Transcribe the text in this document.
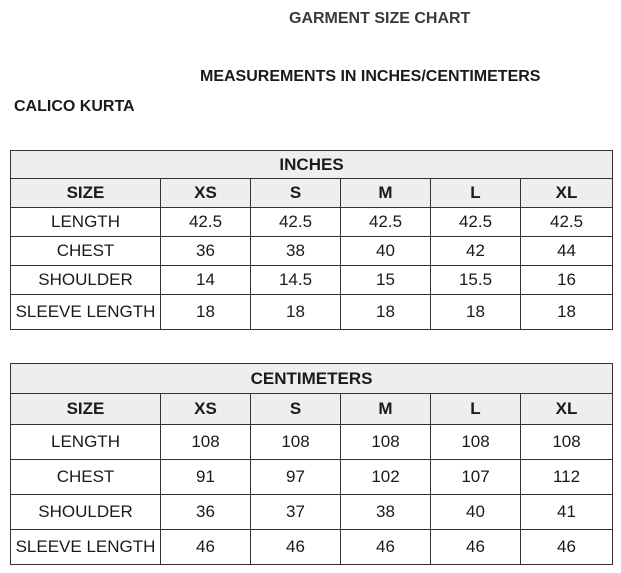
GARMENT SIZE CHART
MEASUREMENTS IN INCHES/CENTIMETERS
CALICO KURTA
INCHES					
SIZE	XS	S	M	L	XL
LENGTH	42.5	42.5	42.5	42.5	42.5
CHEST	36	38	40	42	44
SHOULDER	14	14.5	15	15.5	16
SLEEVE LENGTH	18	18	18	18	18
CENTIMETERS					
SIZE	XS	S	M	L	XL
LENGTH	108	108	108	108	108
CHEST	91	97	102	107	112
SHOULDER	36	37	38	40	41
SLEEVE LENGTH	46	46	46	46	46
